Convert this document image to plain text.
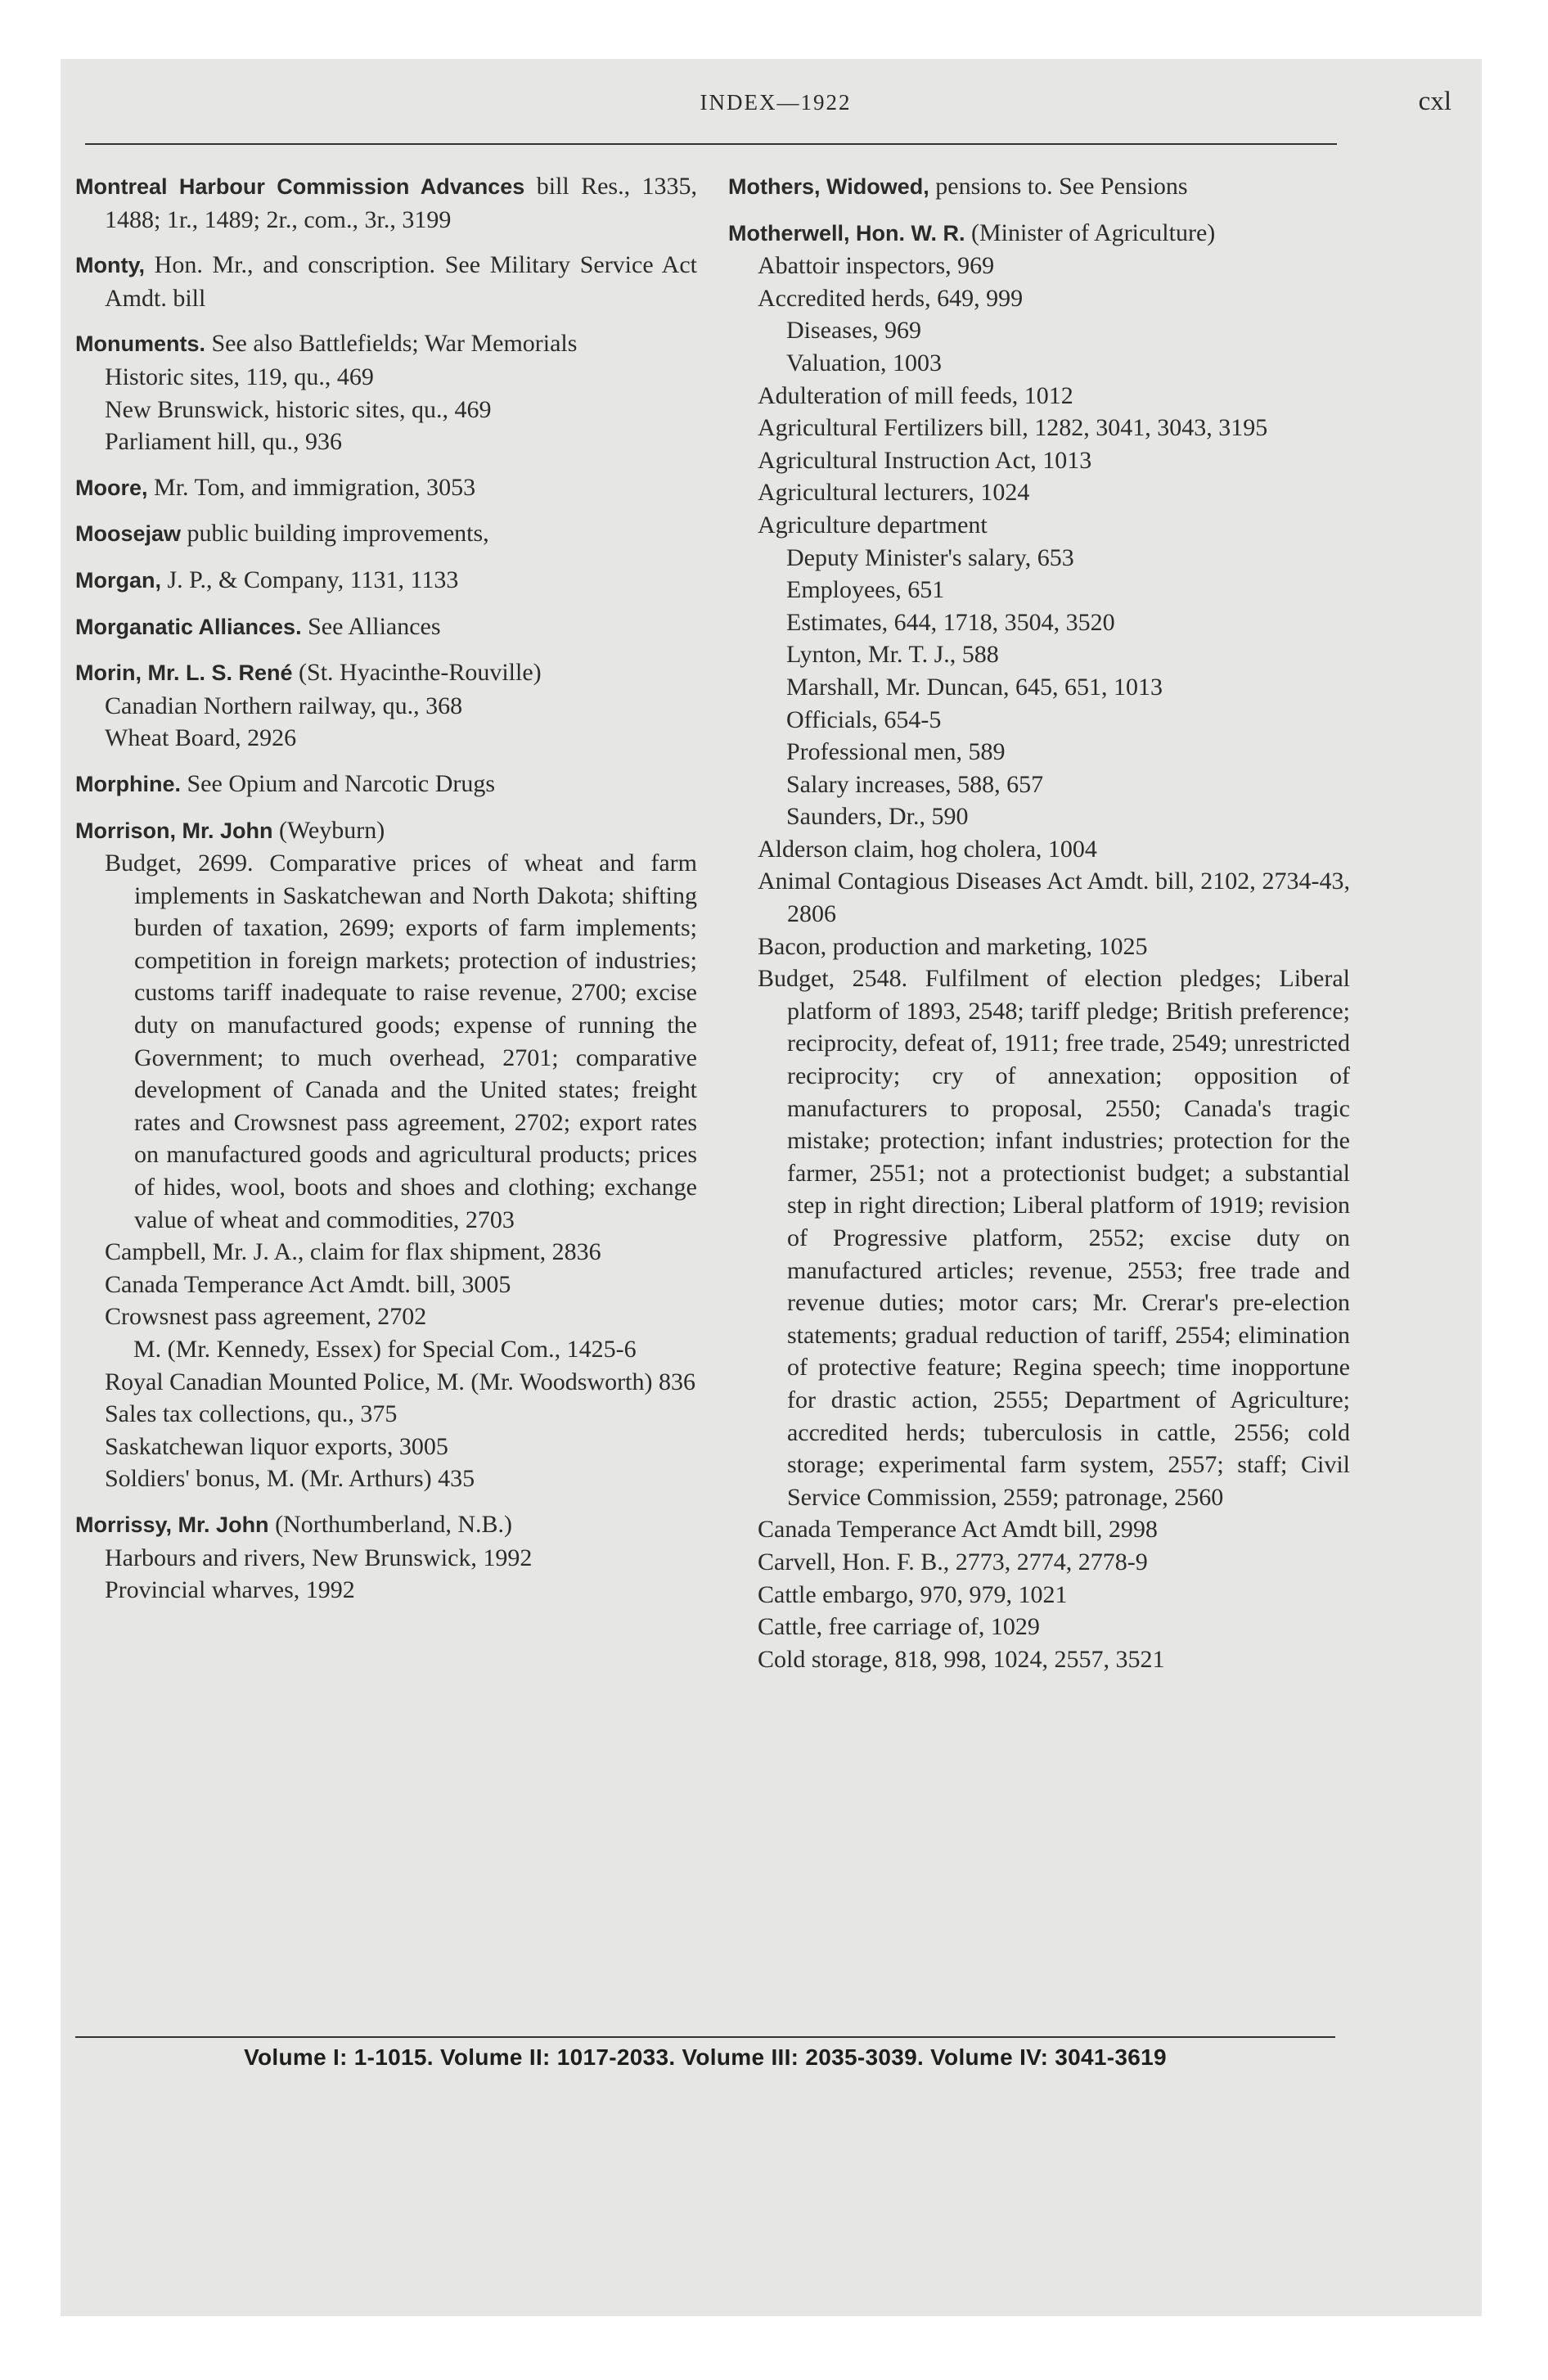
INDEX—1922	cxl
Montreal Harbour Commission Advances bill Res., 1335, 1488; 1r., 1489; 2r., com., 3r., 3199
Monty, Hon. Mr., and conscription. See Military Service Act Amdt. bill
Monuments. See also Battlefields; War Memorials
Historic sites, 119, qu., 469
New Brunswick, historic sites, qu., 469
Parliament hill, qu., 936
Moore, Mr. Tom, and immigration, 3053
Moosejaw public building improvements,
Morgan, J. P., & Company, 1131, 1133
Morganatic Alliances. See Alliances
Morin, Mr. L. S. René (St. Hyacinthe-Rouville)
Canadian Northern railway, qu., 368
Wheat Board, 2926
Morphine. See Opium and Narcotic Drugs
Morrison, Mr. John (Weyburn)
Budget, 2699. Comparative prices of wheat and farm implements in Saskatchewan and North Dakota; shifting burden of taxation, 2699; exports of farm implements; competition in foreign markets; protection of industries; customs tariff inadequate to raise revenue, 2700; excise duty on manufactured goods; expense of running the Government; to much overhead, 2701; comparative development of Canada and the United states; freight rates and Crowsnest pass agreement, 2702; export rates on manufactured goods and agricultural products; prices of hides, wool, boots and shoes and clothing; exchange value of wheat and commodities, 2703
Campbell, Mr. J. A., claim for flax shipment, 2836
Canada Temperance Act Amdt. bill, 3005
Crowsnest pass agreement, 2702
M. (Mr. Kennedy, Essex) for Special Com., 1425-6
Royal Canadian Mounted Police, M. (Mr. Woodsworth) 836
Sales tax collections, qu., 375
Saskatchewan liquor exports, 3005
Soldiers' bonus, M. (Mr. Arthurs) 435
Morrissy, Mr. John (Northumberland, N.B.)
Harbours and rivers, New Brunswick, 1992
Provincial wharves, 1992
Mothers, Widowed, pensions to. See Pensions
Motherwell, Hon. W. R. (Minister of Agriculture)
Abattoir inspectors, 969
Accredited herds, 649, 999
Diseases, 969
Valuation, 1003
Adulteration of mill feeds, 1012
Agricultural Fertilizers bill, 1282, 3041, 3043, 3195
Agricultural Instruction Act, 1013
Agricultural lecturers, 1024
Agriculture department
Deputy Minister's salary, 653
Employees, 651
Estimates, 644, 1718, 3504, 3520
Lynton, Mr. T. J., 588
Marshall, Mr. Duncan, 645, 651, 1013
Officials, 654-5
Professional men, 589
Salary increases, 588, 657
Saunders, Dr., 590
Alderson claim, hog cholera, 1004
Animal Contagious Diseases Act Amdt. bill, 2102, 2734-43, 2806
Bacon, production and marketing, 1025
Budget, 2548. Fulfilment of election pledges; Liberal platform of 1893, 2548; tariff pledge; British preference; reciprocity, defeat of, 1911; free trade, 2549; unrestricted reciprocity; cry of annexation; opposition of manufacturers to proposal, 2550; Canada's tragic mistake; protection; infant industries; protection for the farmer, 2551; not a protectionist budget; a substantial step in right direction; Liberal platform of 1919; revision of Progressive platform, 2552; excise duty on manufactured articles; revenue, 2553; free trade and revenue duties; motor cars; Mr. Crerar's pre-election statements; gradual reduction of tariff, 2554; elimination of protective feature; Regina speech; time inopportune for drastic action, 2555; Department of Agriculture; accredited herds; tuberculosis in cattle, 2556; cold storage; experimental farm system, 2557; staff; Civil Service Commission, 2559; patronage, 2560
Canada Temperance Act Amdt bill, 2998
Carvell, Hon. F. B., 2773, 2774, 2778-9
Cattle embargo, 970, 979, 1021
Cattle, free carriage of, 1029
Cold storage, 818, 998, 1024, 2557, 3521
Volume I: 1-1015. Volume II: 1017-2033. Volume III: 2035-3039. Volume IV: 3041-3619
